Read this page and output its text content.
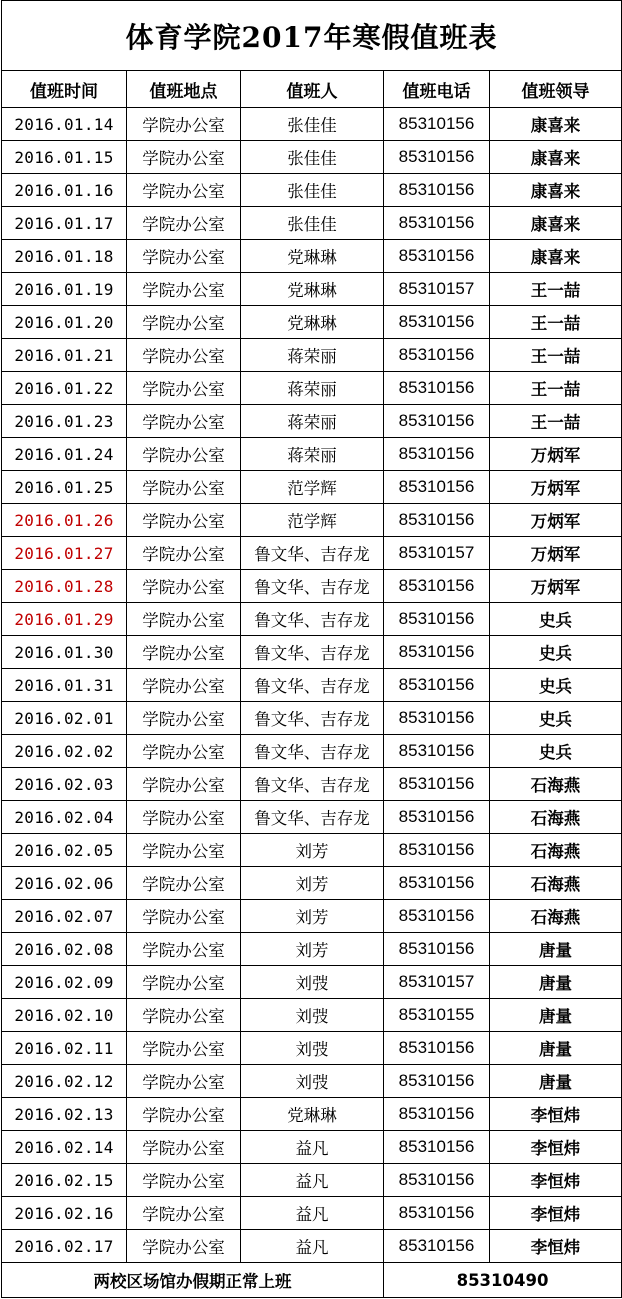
体育学院2017年寒假值班表				
值班时间	值班地点	值班人	值班电话	值班领导
2016.01.14	学院办公室	张佳佳	85310156	康喜来
2016.01.15	学院办公室	张佳佳	85310156	康喜来
2016.01.16	学院办公室	张佳佳	85310156	康喜来
2016.01.17	学院办公室	张佳佳	85310156	康喜来
2016.01.18	学院办公室	党琳琳	85310156	康喜来
2016.01.19	学院办公室	党琳琳	85310157	王一喆
2016.01.20	学院办公室	党琳琳	85310156	王一喆
2016.01.21	学院办公室	蒋荣丽	85310156	王一喆
2016.01.22	学院办公室	蒋荣丽	85310156	王一喆
2016.01.23	学院办公室	蒋荣丽	85310156	王一喆
2016.01.24	学院办公室	蒋荣丽	85310156	万炳军
2016.01.25	学院办公室	范学辉	85310156	万炳军
2016.01.26	学院办公室	范学辉	85310156	万炳军
2016.01.27	学院办公室	鲁文华、吉存龙	85310157	万炳军
2016.01.28	学院办公室	鲁文华、吉存龙	85310156	万炳军
2016.01.29	学院办公室	鲁文华、吉存龙	85310156	史兵
2016.01.30	学院办公室	鲁文华、吉存龙	85310156	史兵
2016.01.31	学院办公室	鲁文华、吉存龙	85310156	史兵
2016.02.01	学院办公室	鲁文华、吉存龙	85310156	史兵
2016.02.02	学院办公室	鲁文华、吉存龙	85310156	史兵
2016.02.03	学院办公室	鲁文华、吉存龙	85310156	石海燕
2016.02.04	学院办公室	鲁文华、吉存龙	85310156	石海燕
2016.02.05	学院办公室	刘芳	85310156	石海燕
2016.02.06	学院办公室	刘芳	85310156	石海燕
2016.02.07	学院办公室	刘芳	85310156	石海燕
2016.02.08	学院办公室	刘芳	85310156	唐量
2016.02.09	学院办公室	刘弢	85310157	唐量
2016.02.10	学院办公室	刘弢	85310155	唐量
2016.02.11	学院办公室	刘弢	85310156	唐量
2016.02.12	学院办公室	刘弢	85310156	唐量
2016.02.13	学院办公室	党琳琳	85310156	李恒炜
2016.02.14	学院办公室	益凡	85310156	李恒炜
2016.02.15	学院办公室	益凡	85310156	李恒炜
2016.02.16	学院办公室	益凡	85310156	李恒炜
2016.02.17	学院办公室	益凡	85310156	李恒炜
两校区场馆办假期正常上班			85310490	
